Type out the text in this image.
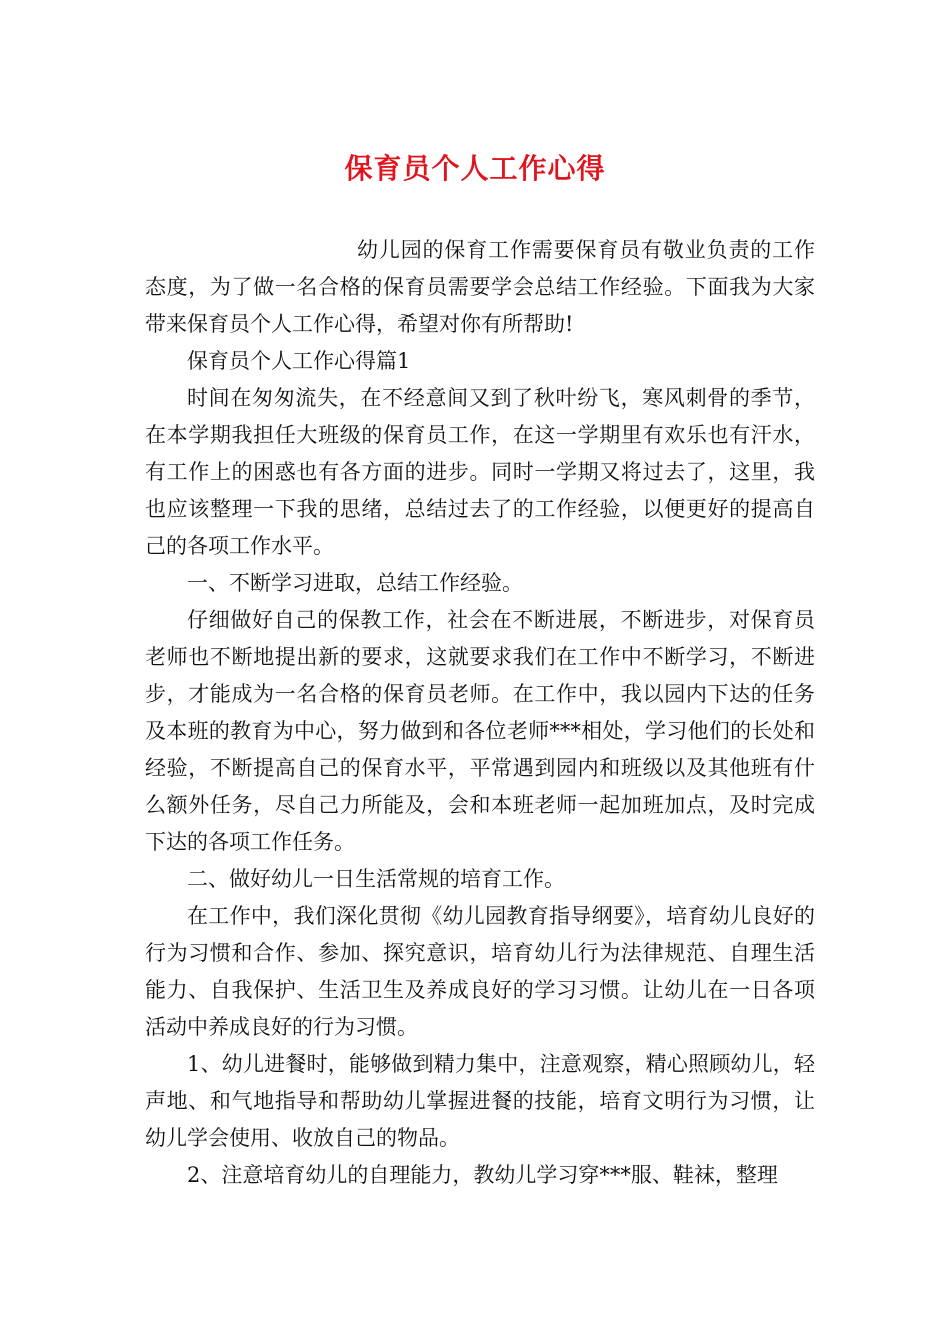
保育员个人工作心得

幼儿园的保育工作需要保育员有敬业负责的工作态度，为了做一名合格的保育员需要学会总结工作经验。下面我为大家带来保育员个人工作心得，希望对你有所帮助!

保育员个人工作心得篇1

时间在匆匆流失，在不经意间又到了秋叶纷飞，寒风刺骨的季节，在本学期我担任大班级的保育员工作，在这一学期里有欢乐也有汗水，有工作上的困惑也有各方面的进步。同时一学期又将过去了，这里，我也应该整理一下我的思绪，总结过去了的工作经验，以便更好的提高自己的各项工作水平。

一、不断学习进取，总结工作经验。

仔细做好自己的保教工作，社会在不断进展，不断进步，对保育员老师也不断地提出新的要求，这就要求我们在工作中不断学习，不断进步，才能成为一名合格的保育员老师。在工作中，我以园内下达的任务及本班的教育为中心，努力做到和各位老师***相处，学习他们的长处和经验，不断提高自己的保育水平，平常遇到园内和班级以及其他班有什么额外任务，尽自己力所能及，会和本班老师一起加班加点，及时完成下达的各项工作任务。

二、做好幼儿一日生活常规的培育工作。

在工作中，我们深化贯彻《幼儿园教育指导纲要》，培育幼儿良好的行为习惯和合作、参加、探究意识，培育幼儿行为法律规范、自理生活能力、自我保护、生活卫生及养成良好的学习习惯。让幼儿在一日各项活动中养成良好的行为习惯。

1、幼儿进餐时，能够做到精力集中，注意观察，精心照顾幼儿，轻声地、和气地指导和帮助幼儿掌握进餐的技能，培育文明行为习惯，让幼儿学会使用、收放自己的物品。

2、注意培育幼儿的自理能力，教幼儿学习穿***服、鞋袜，整理
